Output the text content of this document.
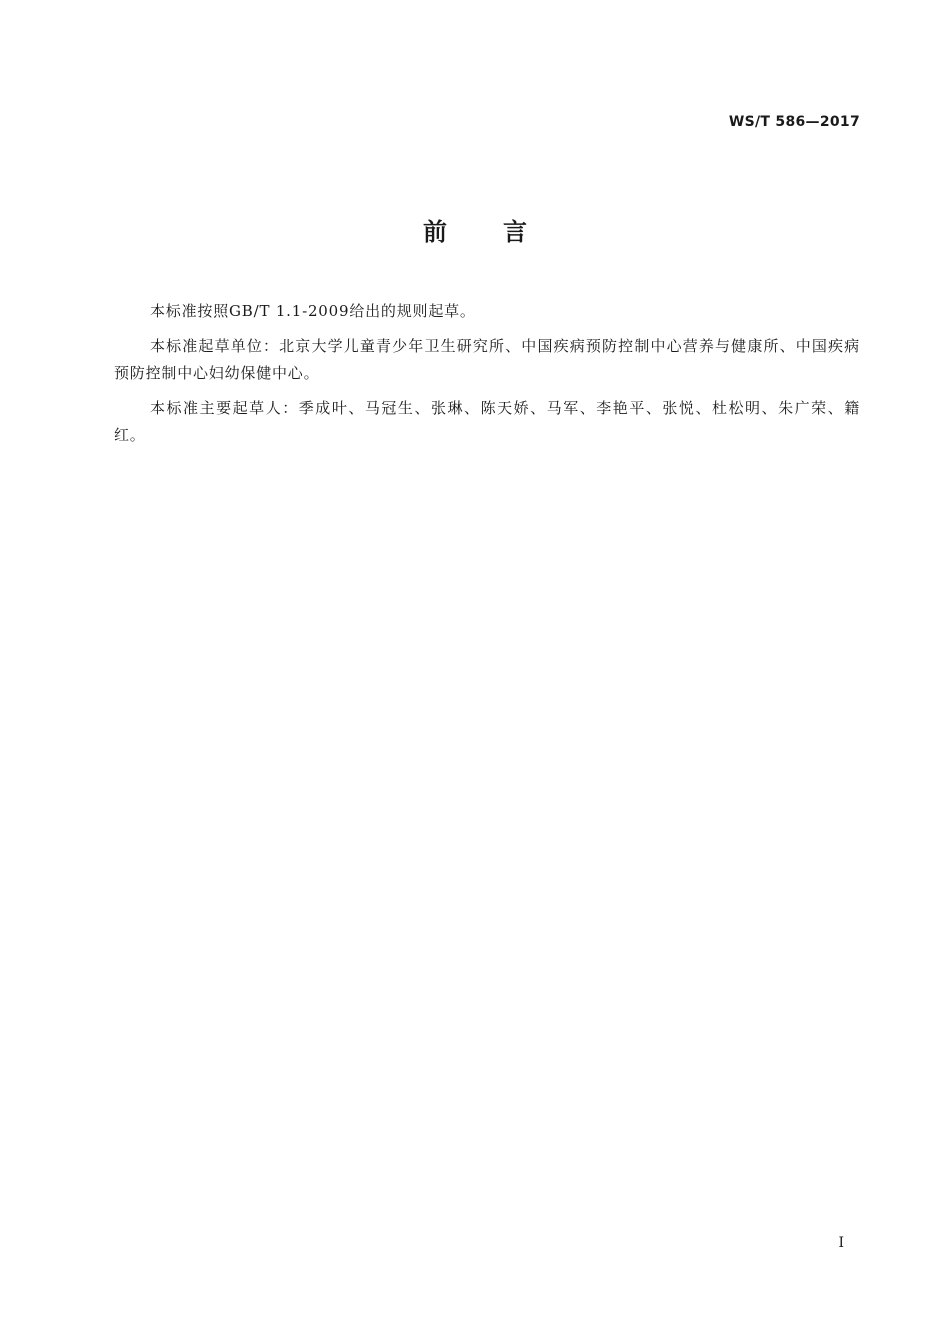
WS/T 586—2017
前 言

本标准按照GB/T 1.1-2009给出的规则起草。

本标准起草单位：北京大学儿童青少年卫生研究所、中国疾病预防控制中心营养与健康所、中国疾病预防控制中心妇幼保健中心。

本标准主要起草人：季成叶、马冠生、张琳、陈天娇、马军、李艳平、张悦、杜松明、朱广荣、籍红。

I
